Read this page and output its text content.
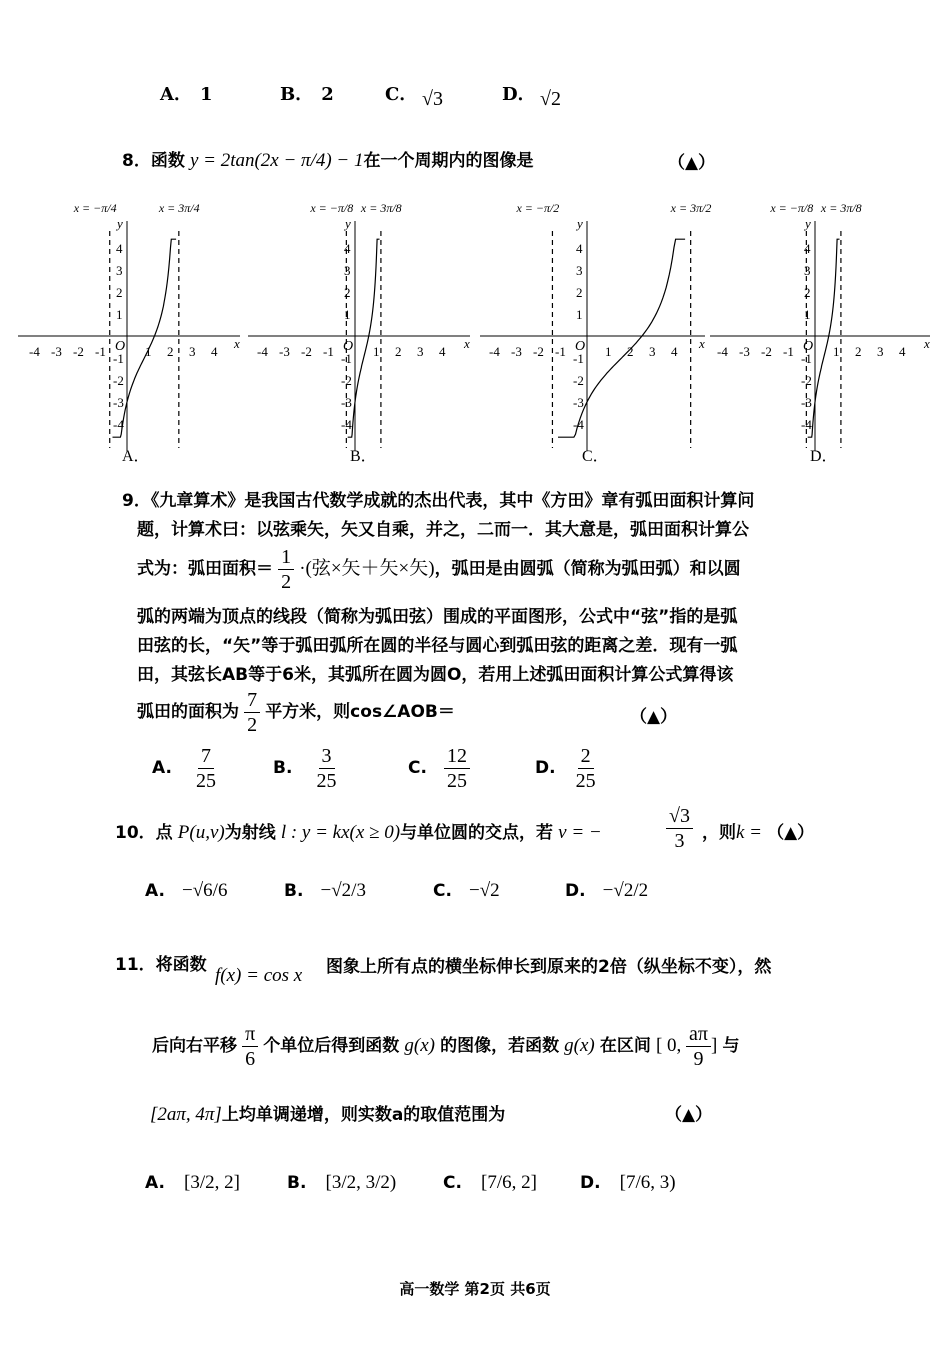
A． 1	B． 2	C． √3	D． √2
8．函数 y = 2tan(2x − π/4) − 1在一个周期内的图像是	（▲）
x
y
O
-4 -3 -2 -1	1 2 3 4
4
3
2
1
-1
-2
-3
-4
x = −π/4	x = 3π/4
A．
x
y
O
-4 -3 -2 -1	1 2 3 4
4
3
2
1
-1
-2
-3
-4
x = −π/8 x = 3π/8
B．
x
y
O
-4 -3 -2 -1	1 2 3 4
4
3
2
1
-1
-2
-3
-4
x = −π/2	x = 3π/2
C．
x
y
O
-4 -3 -2 -1	1 2 3 4
4
3
2
1
-1
-2
-3
-4
x = −π/8 x = 3π/8
D．
9．《九章算术》是我国古代数学成就的杰出代表，其中《方田》章有弧田面积计算问
题，计算术曰：以弦乘矢，矢又自乘，并之，二而一．其大意是，弧田面积计算公
式为：弧田面积＝ $\frac{1}{2}$ ·(弦×矢＋矢×矢)，弧田是由圆弧（简称为弧田弧）和以圆
弧的两端为顶点的线段（简称为弧田弦）围成的平面图形，公式中“弦”指的是弧
田弦的长，“矢”等于弧田弧所在圆的半径与圆心到弧田弦的距离之差．现有一弧
田，其弦长AB等于6米，其弧所在圆为圆O，若用上述弧田面积计算公式算得该
弧田的面积为 $\frac{7}{2}$ 平方米，则cos∠AOB＝	（▲）
A. $\frac{7}{25}$	B. $\frac{3}{25}$	C. $\frac{12}{25}$	D. $\frac{2}{25}$
10．点 P(u,v)为射线 l : y = kx(x ≥ 0)与单位圆的交点，若 v = −	$\frac{√3}{3}$ ，则k = （▲）
A. −√6/6	B. −√2/3	C. −√2	D. −√2/2
11．将函数 f(x) = cos x 图象上所有点的横坐标伸长到原来的2倍（纵坐标不变），然
后向右平移 $\frac{\pi}{6}$ 个单位后得到函数 g(x) 的图像，若函数 g(x) 在区间 [ 0, $\frac{a\pi}{9}$ ] 与
[2aπ, 4π]上均单调递增，则实数a的取值范围为	（▲）
A. [3/2, 2]	B. [3/2, 3/2)	C. [7/6, 2]	D. [7/6, 3)
高一数学 第2页 共6页
